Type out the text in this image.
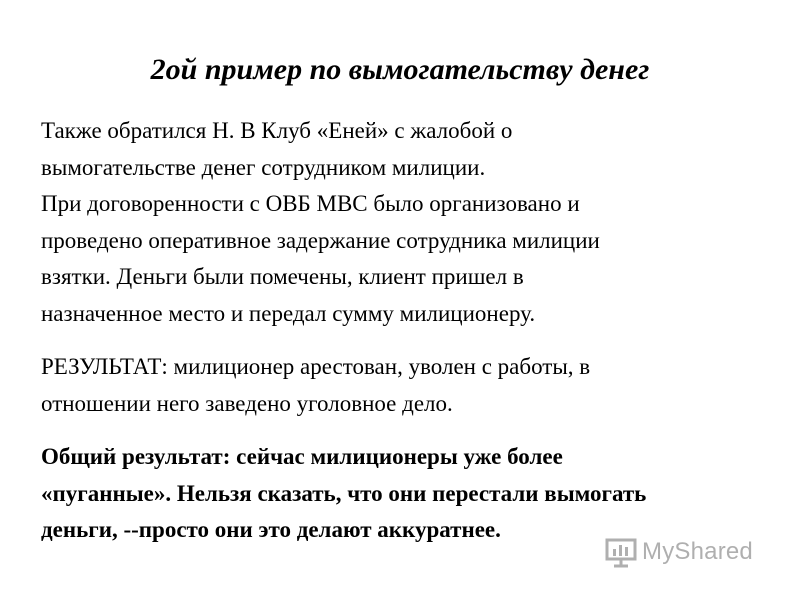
2ой пример по вымогательству денег
Также обратился Н. В Клуб «Еней» с жалобой о
вымогательстве денег сотрудником милиции.
При договоренности с ОВБ МВС было организовано и
проведено оперативное задержание сотрудника милиции
взятки. Деньги были помечены, клиент пришел в
назначенное место и передал сумму милиционеру.
РЕЗУЛЬТАТ: милиционер арестован, уволен с работы, в
отношении него заведено уголовное дело.
Общий результат: сейчас милиционеры уже более
«пуганные». Нельзя сказать, что они перестали вымогать
деньги, --просто они это делают аккуратнее.
MyShared
